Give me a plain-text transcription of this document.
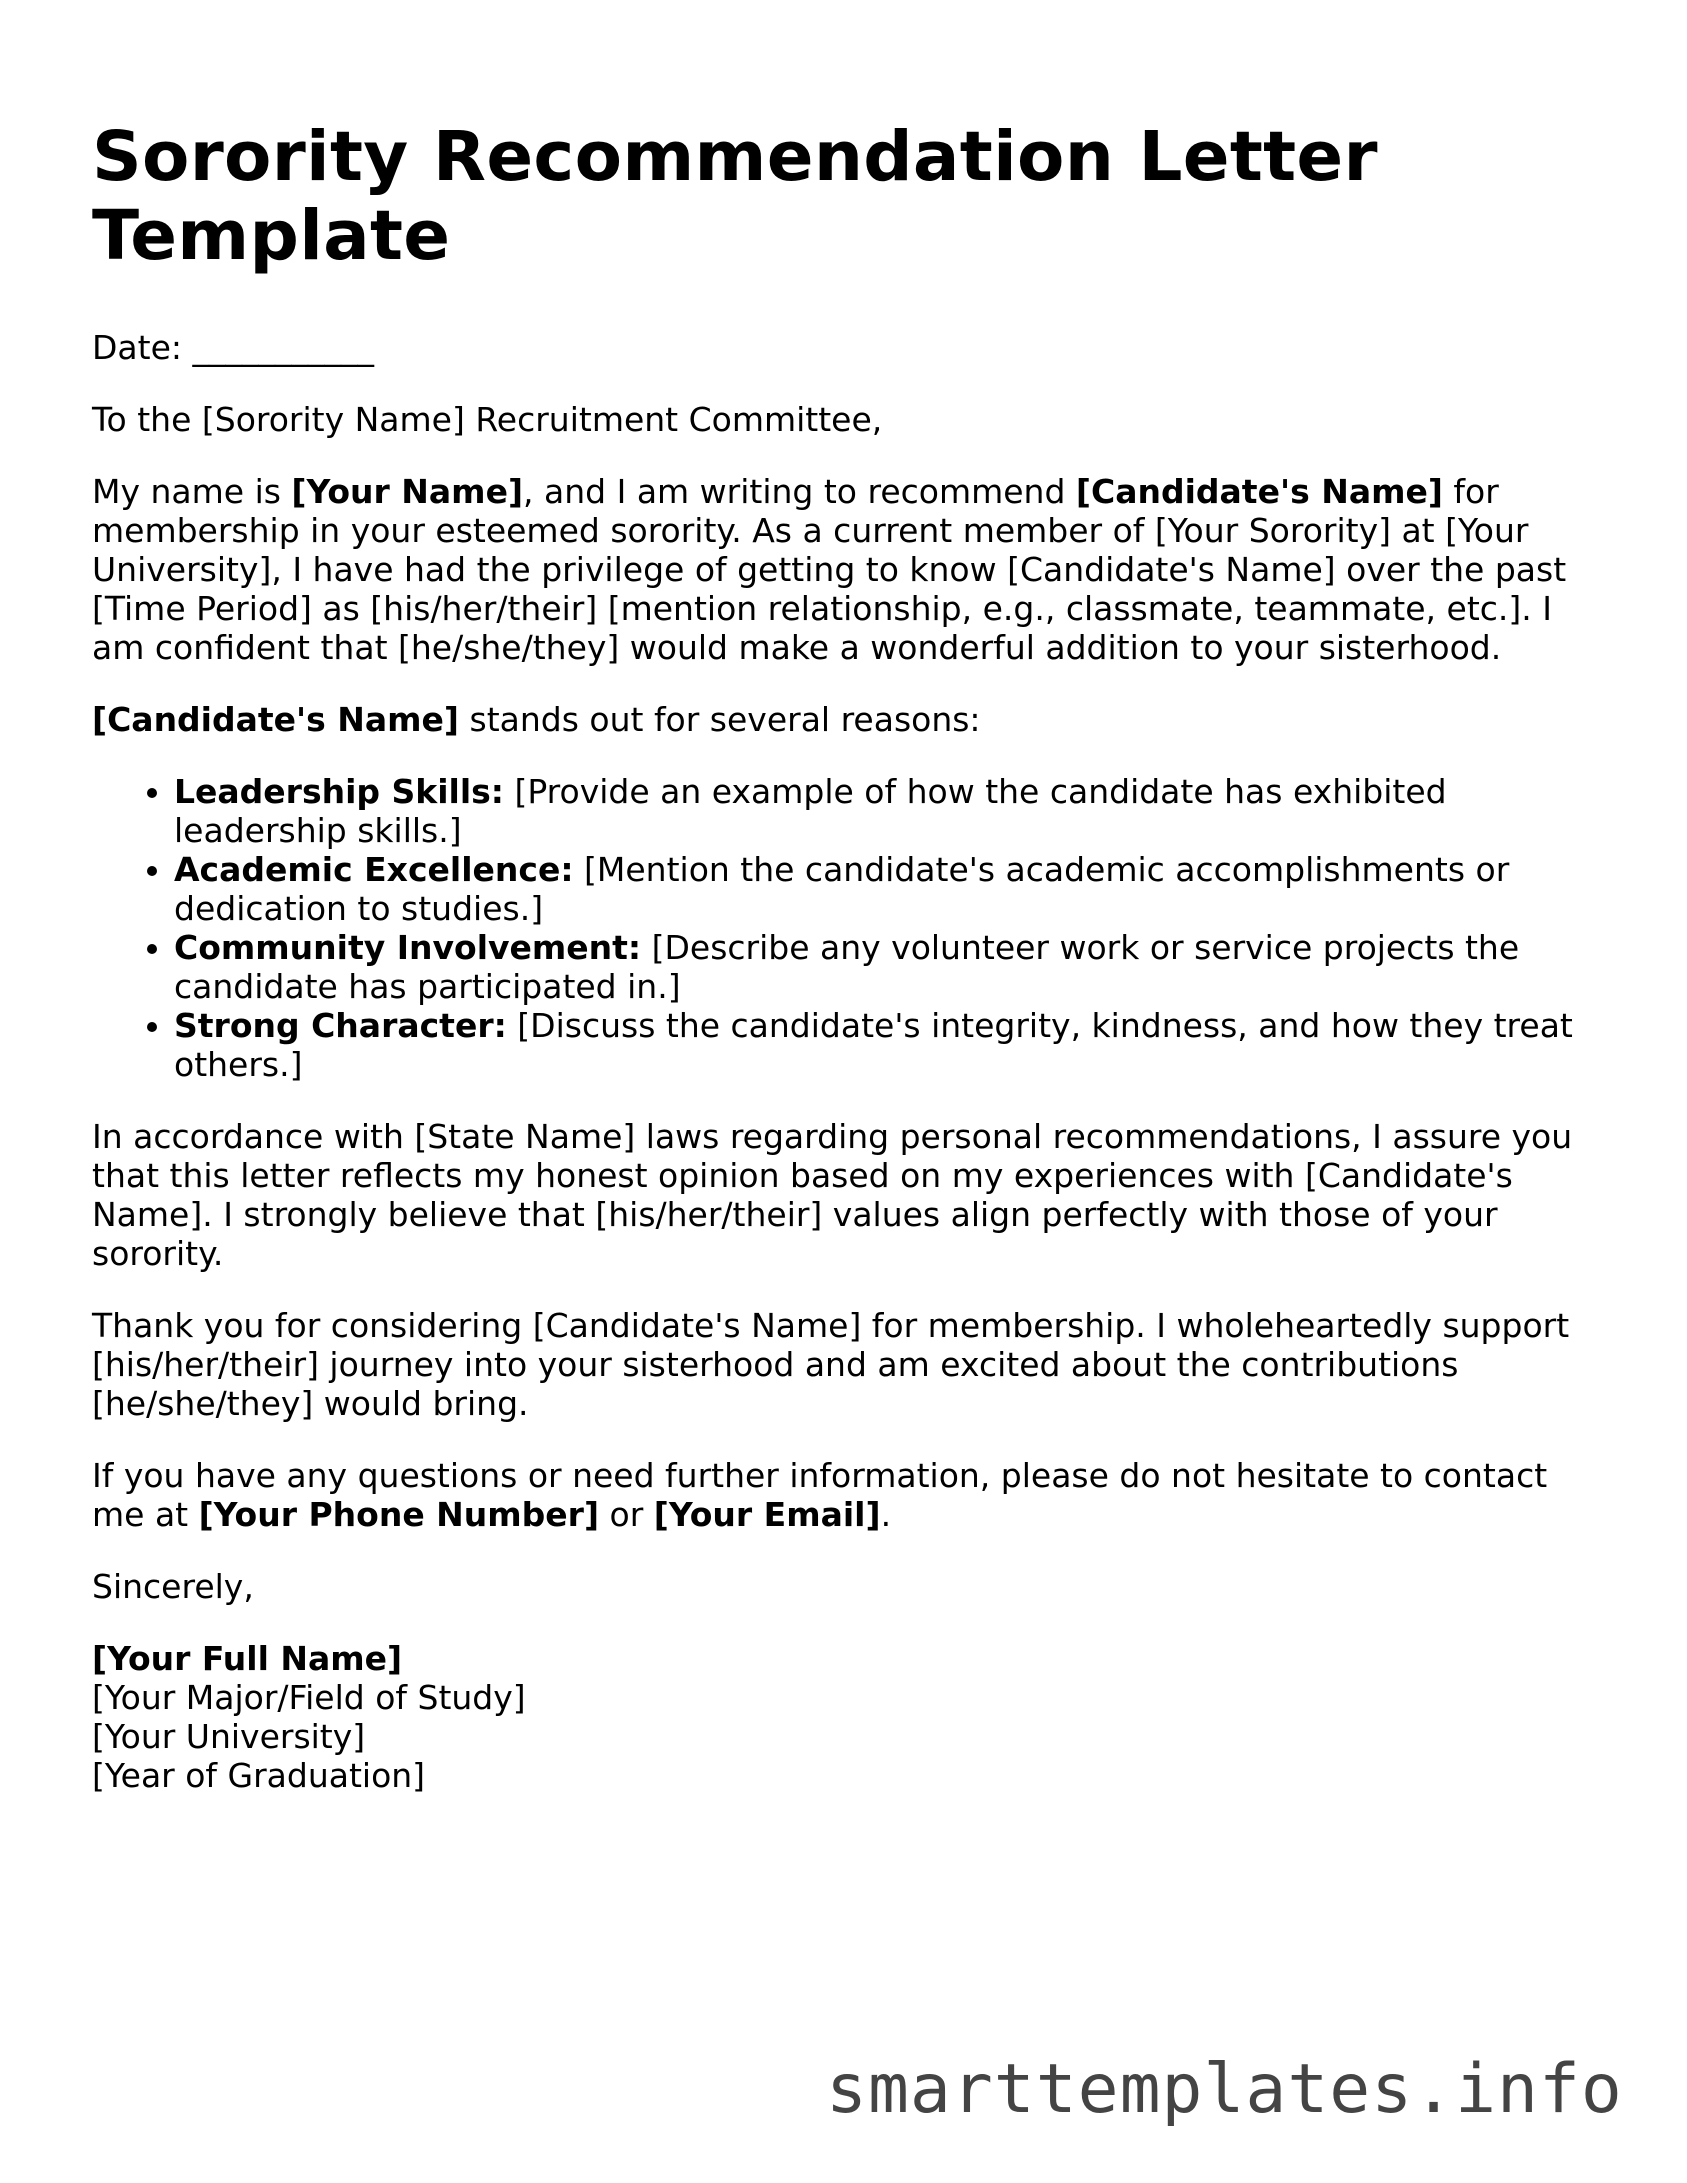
Sorority Recommendation Letter Template

Date: ___________

To the [Sorority Name] Recruitment Committee,

My name is [Your Name], and I am writing to recommend [Candidate's Name] for membership in your esteemed sorority. As a current member of [Your Sorority] at [Your University], I have had the privilege of getting to know [Candidate's Name] over the past [Time Period] as [his/her/their] [mention relationship, e.g., classmate, teammate, etc.]. I am confident that [he/she/they] would make a wonderful addition to your sisterhood.

[Candidate's Name] stands out for several reasons:

• Leadership Skills: [Provide an example of how the candidate has exhibited leadership skills.]
• Academic Excellence: [Mention the candidate's academic accomplishments or dedication to studies.]
• Community Involvement: [Describe any volunteer work or service projects the candidate has participated in.]
• Strong Character: [Discuss the candidate's integrity, kindness, and how they treat others.]

In accordance with [State Name] laws regarding personal recommendations, I assure you that this letter reflects my honest opinion based on my experiences with [Candidate's Name]. I strongly believe that [his/her/their] values align perfectly with those of your sorority.

Thank you for considering [Candidate's Name] for membership. I wholeheartedly support [his/her/their] journey into your sisterhood and am excited about the contributions [he/she/they] would bring.

If you have any questions or need further information, please do not hesitate to contact me at [Your Phone Number] or [Your Email].

Sincerely,

[Your Full Name]
[Your Major/Field of Study]
[Your University]
[Year of Graduation]
smarttemplates.info
